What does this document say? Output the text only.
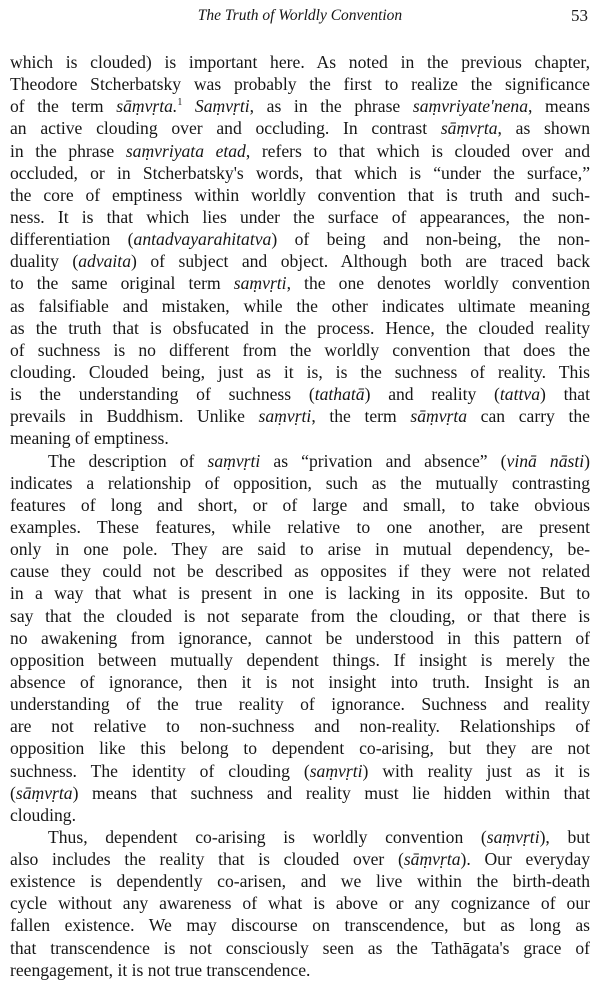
The Truth of Worldly Convention	53
which is clouded) is important here. As noted in the previous chapter,
Theodore Stcherbatsky was probably the first to realize the significance
of the term sāṃvṛta.$^1$ Saṃvṛti, as in the phrase saṃvriyate'nena, means
an active clouding over and occluding. In contrast sāṃvṛta, as shown
in the phrase saṃvriyata etad, refers to that which is clouded over and
occluded, or in Stcherbatsky's words, that which is “under the surface,”
the core of emptiness within worldly convention that is truth and such-
ness. It is that which lies under the surface of appearances, the non-
differentiation (antadvayarahitatva) of being and non-being, the non-
duality (advaita) of subject and object. Although both are traced back
to the same original term saṃvṛti, the one denotes worldly convention
as falsifiable and mistaken, while the other indicates ultimate meaning
as the truth that is obsfucated in the process. Hence, the clouded reality
of suchness is no different from the worldly convention that does the
clouding. Clouded being, just as it is, is the suchness of reality. This
is the understanding of suchness (tathatā) and reality (tattva) that
prevails in Buddhism. Unlike saṃvṛti, the term sāṃvṛta can carry the
meaning of emptiness.
The description of saṃvṛti as “privation and absence” (vinā nāsti)
indicates a relationship of opposition, such as the mutually contrasting
features of long and short, or of large and small, to take obvious
examples. These features, while relative to one another, are present
only in one pole. They are said to arise in mutual dependency, be-
cause they could not be described as opposites if they were not related
in a way that what is present in one is lacking in its opposite. But to
say that the clouded is not separate from the clouding, or that there is
no awakening from ignorance, cannot be understood in this pattern of
opposition between mutually dependent things. If insight is merely the
absence of ignorance, then it is not insight into truth. Insight is an
understanding of the true reality of ignorance. Suchness and reality
are not relative to non-suchness and non-reality. Relationships of
opposition like this belong to dependent co-arising, but they are not
suchness. The identity of clouding (saṃvṛti) with reality just as it is
(sāṃvṛta) means that suchness and reality must lie hidden within that
clouding.
Thus, dependent co-arising is worldly convention (saṃvṛti), but
also includes the reality that is clouded over (sāṃvṛta). Our everyday
existence is dependently co-arisen, and we live within the birth-death
cycle without any awareness of what is above or any cognizance of our
fallen existence. We may discourse on transcendence, but as long as
that transcendence is not consciously seen as the Tathāgata's grace of
reengagement, it is not true transcendence.
